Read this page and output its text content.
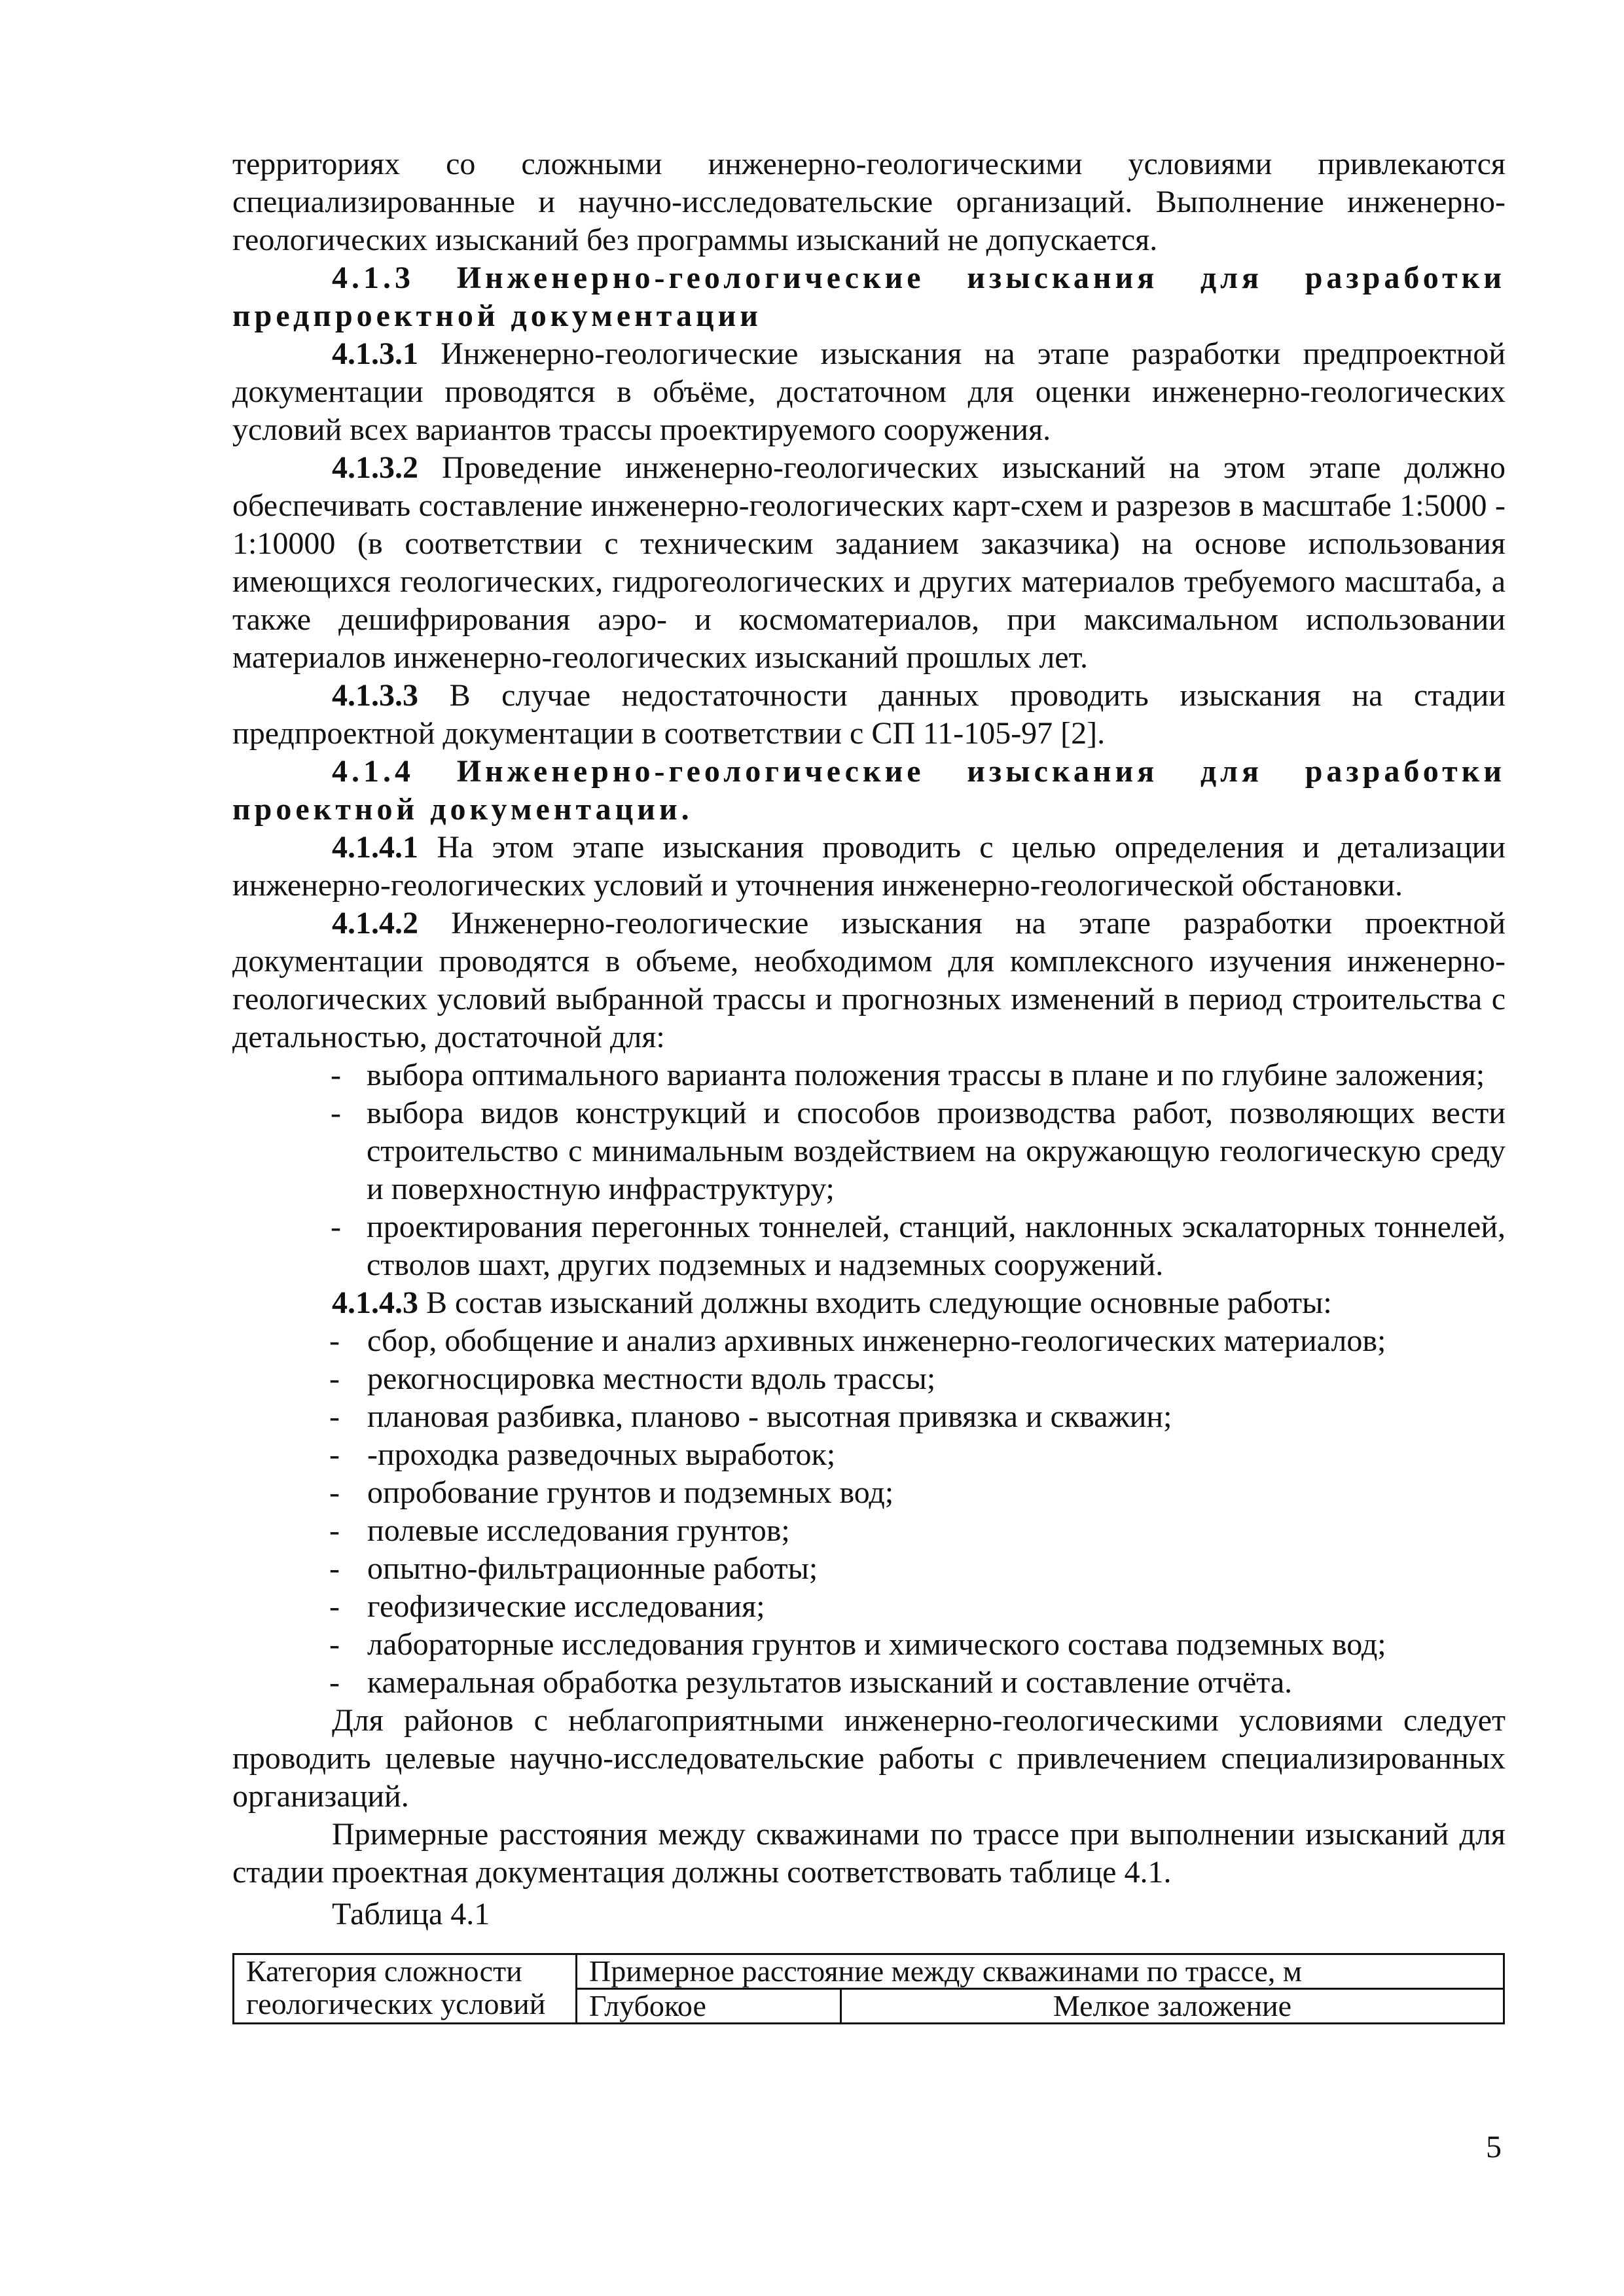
территориях со сложными инженерно-геологическими условиями привлекаются

специализированные и научно-исследовательские организаций. Выполнение инженерно-

геологических изысканий без программы изысканий не допускается.

4.1.3 Инженерно-геологические изыскания для разработки

предпроектной документации

4.1.3.1 Инженерно-геологические изыскания на этапе разработки предпроектной документации проводятся в объёме, достаточном для оценки инженерно-геологических условий всех вариантов трассы проектируемого сооружения.

4.1.3.2 Проведение инженерно-геологических изысканий на этом этапе должно обеспечивать составление инженерно-геологических карт-схем и разрезов в масштабе 1:5000 - 1:10000 (в соответствии с техническим заданием заказчика) на основе использования имеющихся геологических, гидрогеологических и других материалов требуемого масштаба, а также дешифрирования аэро- и космоматериалов, при максимальном использовании материалов инженерно-геологических изысканий прошлых лет.

4.1.3.3 В случае недостаточности данных проводить изыскания на стадии предпроектной документации в соответствии с СП 11-105-97 [2].

4.1.4 Инженерно-геологические изыскания для разработки

проектной документации.

4.1.4.1 На этом этапе изыскания проводить с целью определения и детализации инженерно-геологических условий и уточнения инженерно-геологической обстановки.

4.1.4.2 Инженерно-геологические изыскания на этапе разработки проектной документации проводятся в объеме, необходимом для комплексного изучения инженерно-геологических условий выбранной трассы и прогнозных изменений в период строительства с детальностью, достаточной для:

- выбора оптимального варианта положения трассы в плане и по глубине заложения;

- выбора видов конструкций и способов производства работ, позволяющих вести строительство с минимальным воздействием на окружающую геологическую среду и поверхностную инфраструктуру;

- проектирования перегонных тоннелей, станций, наклонных эскалаторных тоннелей, стволов шахт, других подземных и надземных сооружений.

4.1.4.3 В состав изысканий должны входить следующие основные работы:

- сбор, обобщение и анализ архивных инженерно-геологических материалов;

- рекогносцировка местности вдоль трассы;

- плановая разбивка, планово - высотная привязка и скважин;

- -проходка разведочных выработок;

- опробование грунтов и подземных вод;

- полевые исследования грунтов;

- опытно-фильтрационные работы;

- геофизические исследования;

- лабораторные исследования грунтов и химического состава подземных вод;

- камеральная обработка результатов изысканий и составление отчёта.

Для районов с неблагоприятными инженерно-геологическими условиями следует проводить целевые научно-исследовательские работы с привлечением специализированных организаций.

Примерные расстояния между скважинами по трассе при выполнении изысканий для стадии проектная документация должны соответствовать таблице 4.1.

Таблица 4.1

Категория сложности
геологических условий	Примерное расстояние между скважинами по трассе, м	
	Глубокое	Мелкое заложение
5
